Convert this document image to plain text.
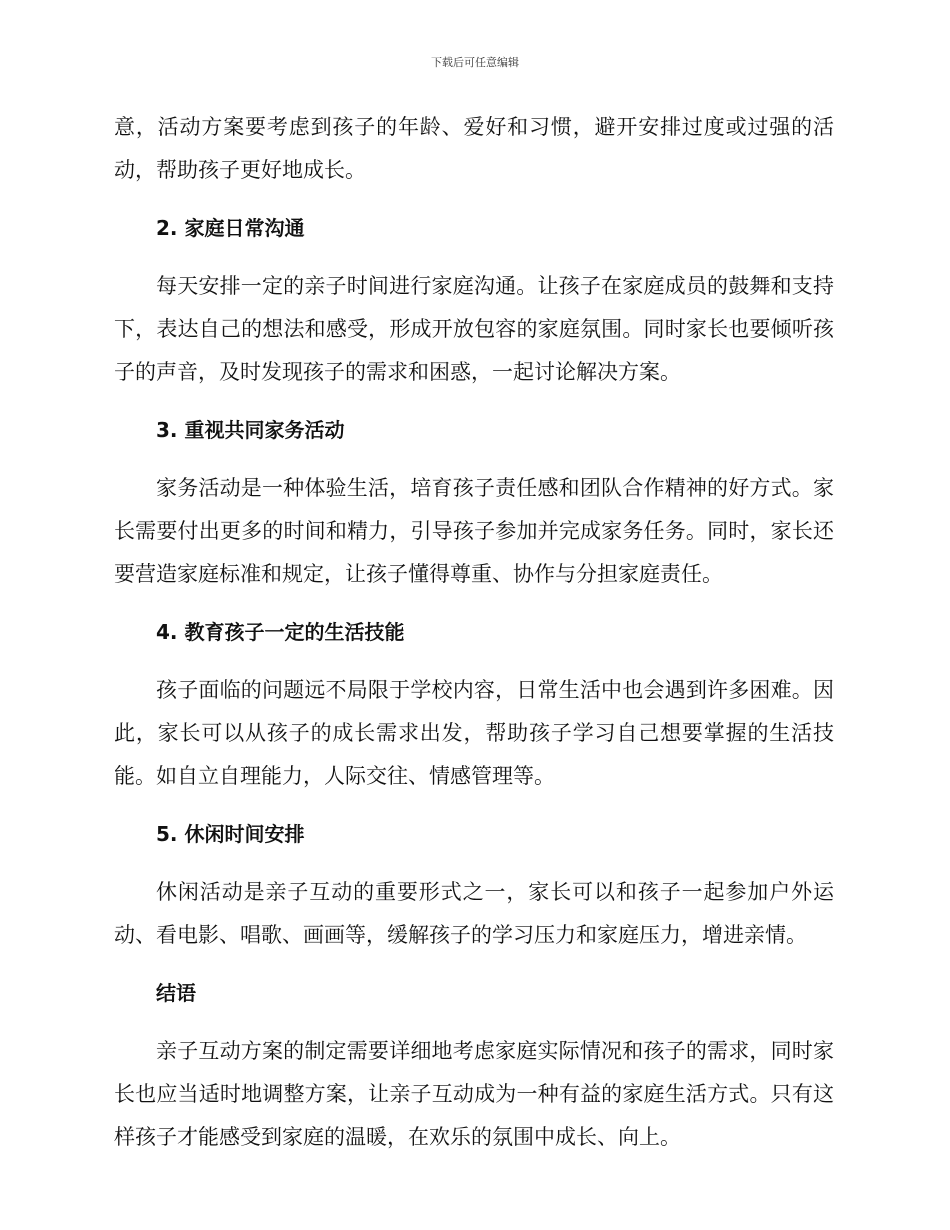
下载后可任意编辑

意，活动方案要考虑到孩子的年龄、爱好和习惯，避开安排过度或过强的活动，帮助孩子更好地成长。

2. 家庭日常沟通

每天安排一定的亲子时间进行家庭沟通。让孩子在家庭成员的鼓舞和支持下，表达自己的想法和感受，形成开放包容的家庭氛围。同时家长也要倾听孩子的声音，及时发现孩子的需求和困惑，一起讨论解决方案。

3. 重视共同家务活动

家务活动是一种体验生活，培育孩子责任感和团队合作精神的好方式。家长需要付出更多的时间和精力，引导孩子参加并完成家务任务。同时，家长还要营造家庭标准和规定，让孩子懂得尊重、协作与分担家庭责任。

4. 教育孩子一定的生活技能

孩子面临的问题远不局限于学校内容，日常生活中也会遇到许多困难。因此，家长可以从孩子的成长需求出发，帮助孩子学习自己想要掌握的生活技能。如自立自理能力，人际交往、情感管理等。

5. 休闲时间安排

休闲活动是亲子互动的重要形式之一，家长可以和孩子一起参加户外运动、看电影、唱歌、画画等，缓解孩子的学习压力和家庭压力，增进亲情。

结语

亲子互动方案的制定需要详细地考虑家庭实际情况和孩子的需求，同时家长也应当适时地调整方案，让亲子互动成为一种有益的家庭生活方式。只有这样孩子才能感受到家庭的温暖，在欢乐的氛围中成长、向上。
